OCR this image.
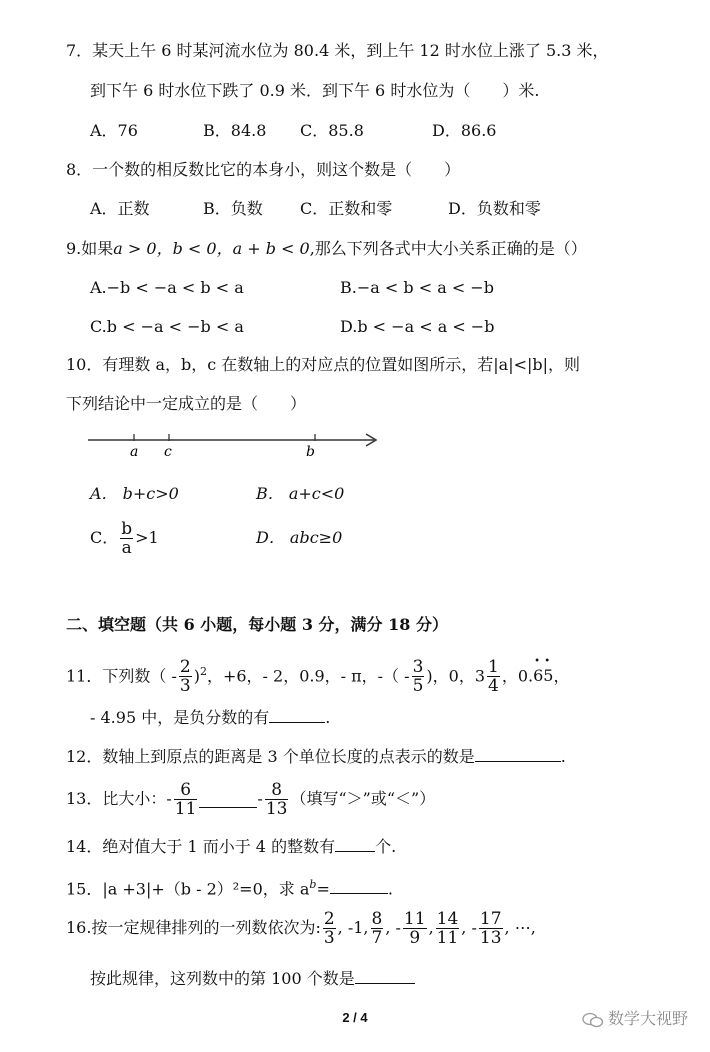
7．某天上午 6 时某河流水位为 80.4 米，到上午 12 时水位上涨了 5.3 米，
到下午 6 时水位下跌了 0.9 米．到下午 6 时水位为（　　）米.
A．76	B．84.8 C．85.8	D．86.6
8．一个数的相反数比它的本身小，则这个数是（　　）
A．正数	B．负数 C．正数和零	D．负数和零
9.如果a > 0，b < 0，a + b < 0,那么下列各式中大小关系正确的是（）
A.−b < −a < b < a	B.−a < b < a < −b
C.b < −a < −b < a	D.b < −a < a < −b
10．有理数 a，b，c 在数轴上的对应点的位置如图所示，若|a|<|b|，则
下列结论中一定成立的是（　　）
a c	b
A． b+c>0	B． a+c<0
C． $\frac{b}{a} >1$	D． abc≥0
二、填空题（共 6 小题，每小题 3 分，满分 18 分）
11．下列数（ - $\frac{2}{3} )^2$，+6，- 2，0.9，- π，-（ - $\frac{3}{5}$ )，0，$3 \frac{1}{4}$ ，0.• 6• 5，
- 4.95 中，是负分数的有	.
12．数轴上到原点的距离是 3 个单位长度的点表示的数是	.
13．比大小：- $\frac{6}{11}$	- $\frac{8}{13}$ （填写“＞”或“＜”）
14．绝对值大于 1 而小于 4 的整数有	个.
15．|a +3|+（b - 2）²=0，求 $a^b=$	.
16.按一定规律排列的一列数依次为: $\frac{2}{3}$ , -1, $\frac{8}{7}$ , - $\frac{11}{9}$ , $\frac{14}{11}$ , - $\frac{17}{13}$ , ⋯,
按此规律，这列数中的第 100 个数是
2 / 4	数学大视野
